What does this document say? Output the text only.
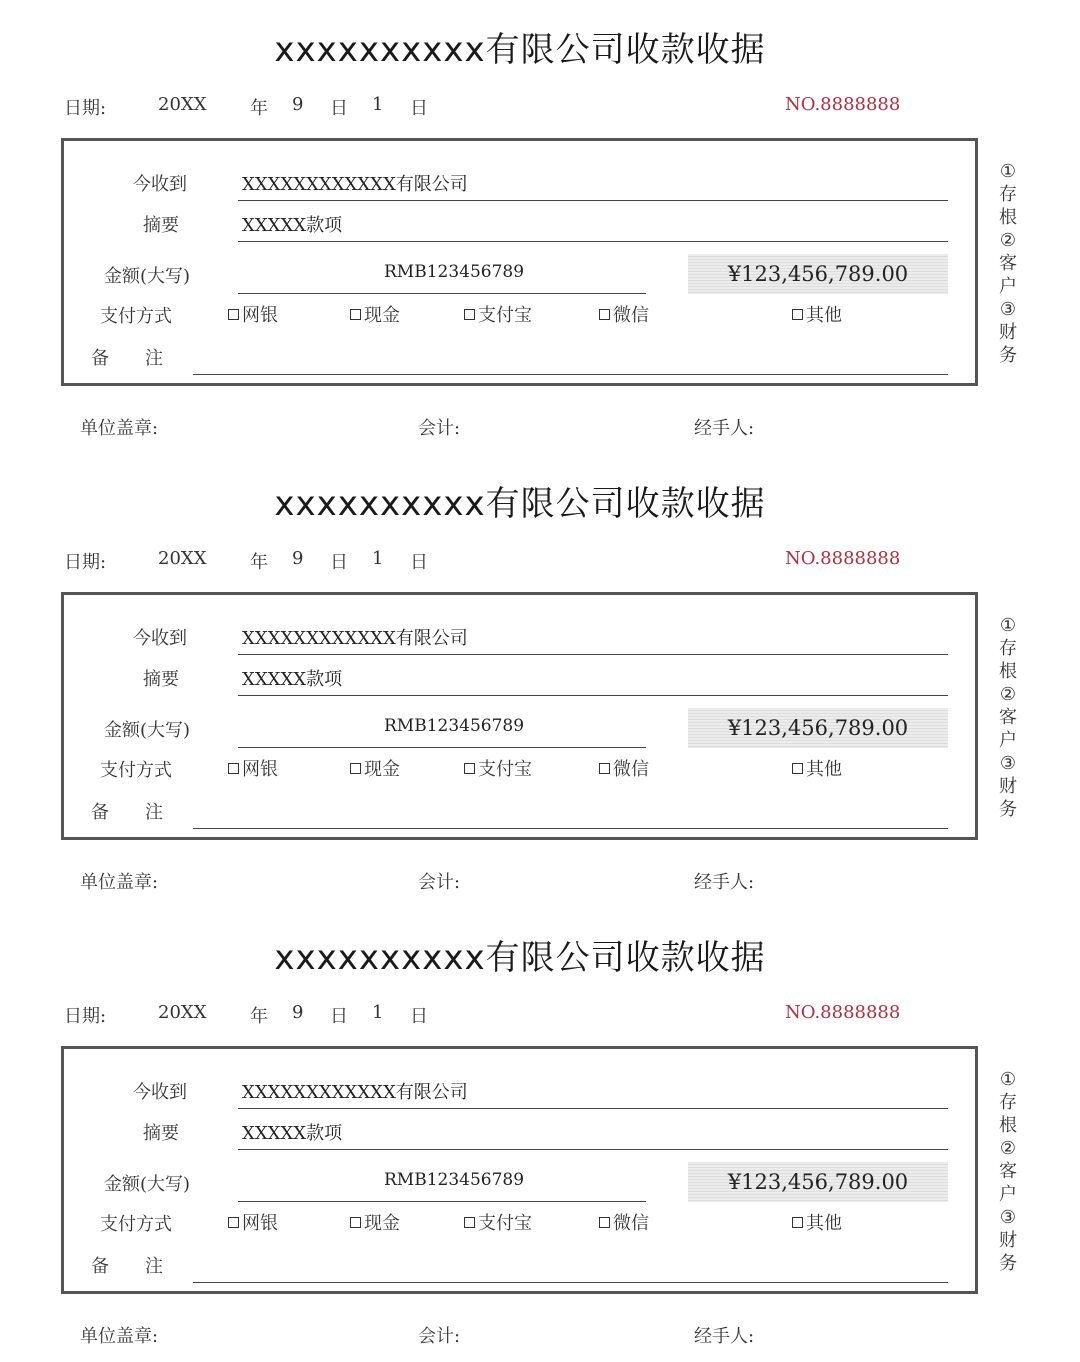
xxxxxxxxxx有限公司收款收据
日期:	20XX 年 9 日 1 日	NO.8888888
今收到	XXXXXXXXXXXX有限公司
摘要	XXXXX款项
金额(大写)	RMB123456789	¥123,456,789.00
支付方式	网银	现金	支付宝	微信	其他
备　　注
①
存
根
②
客
户
③
财
务
单位盖章:	会计:	经手人:
xxxxxxxxxx有限公司收款收据
日期:	20XX 年 9 日 1 日	NO.8888888
今收到	XXXXXXXXXXXX有限公司
摘要	XXXXX款项
金额(大写)	RMB123456789	¥123,456,789.00
支付方式	网银	现金	支付宝	微信	其他
备　　注
①
存
根
②
客
户
③
财
务
单位盖章:	会计:	经手人:
xxxxxxxxxx有限公司收款收据
日期:	20XX 年 9 日 1 日	NO.8888888
今收到	XXXXXXXXXXXX有限公司
摘要	XXXXX款项
金额(大写)	RMB123456789	¥123,456,789.00
支付方式	网银	现金	支付宝	微信	其他
备　　注
①
存
根
②
客
户
③
财
务
单位盖章:	会计:	经手人:
